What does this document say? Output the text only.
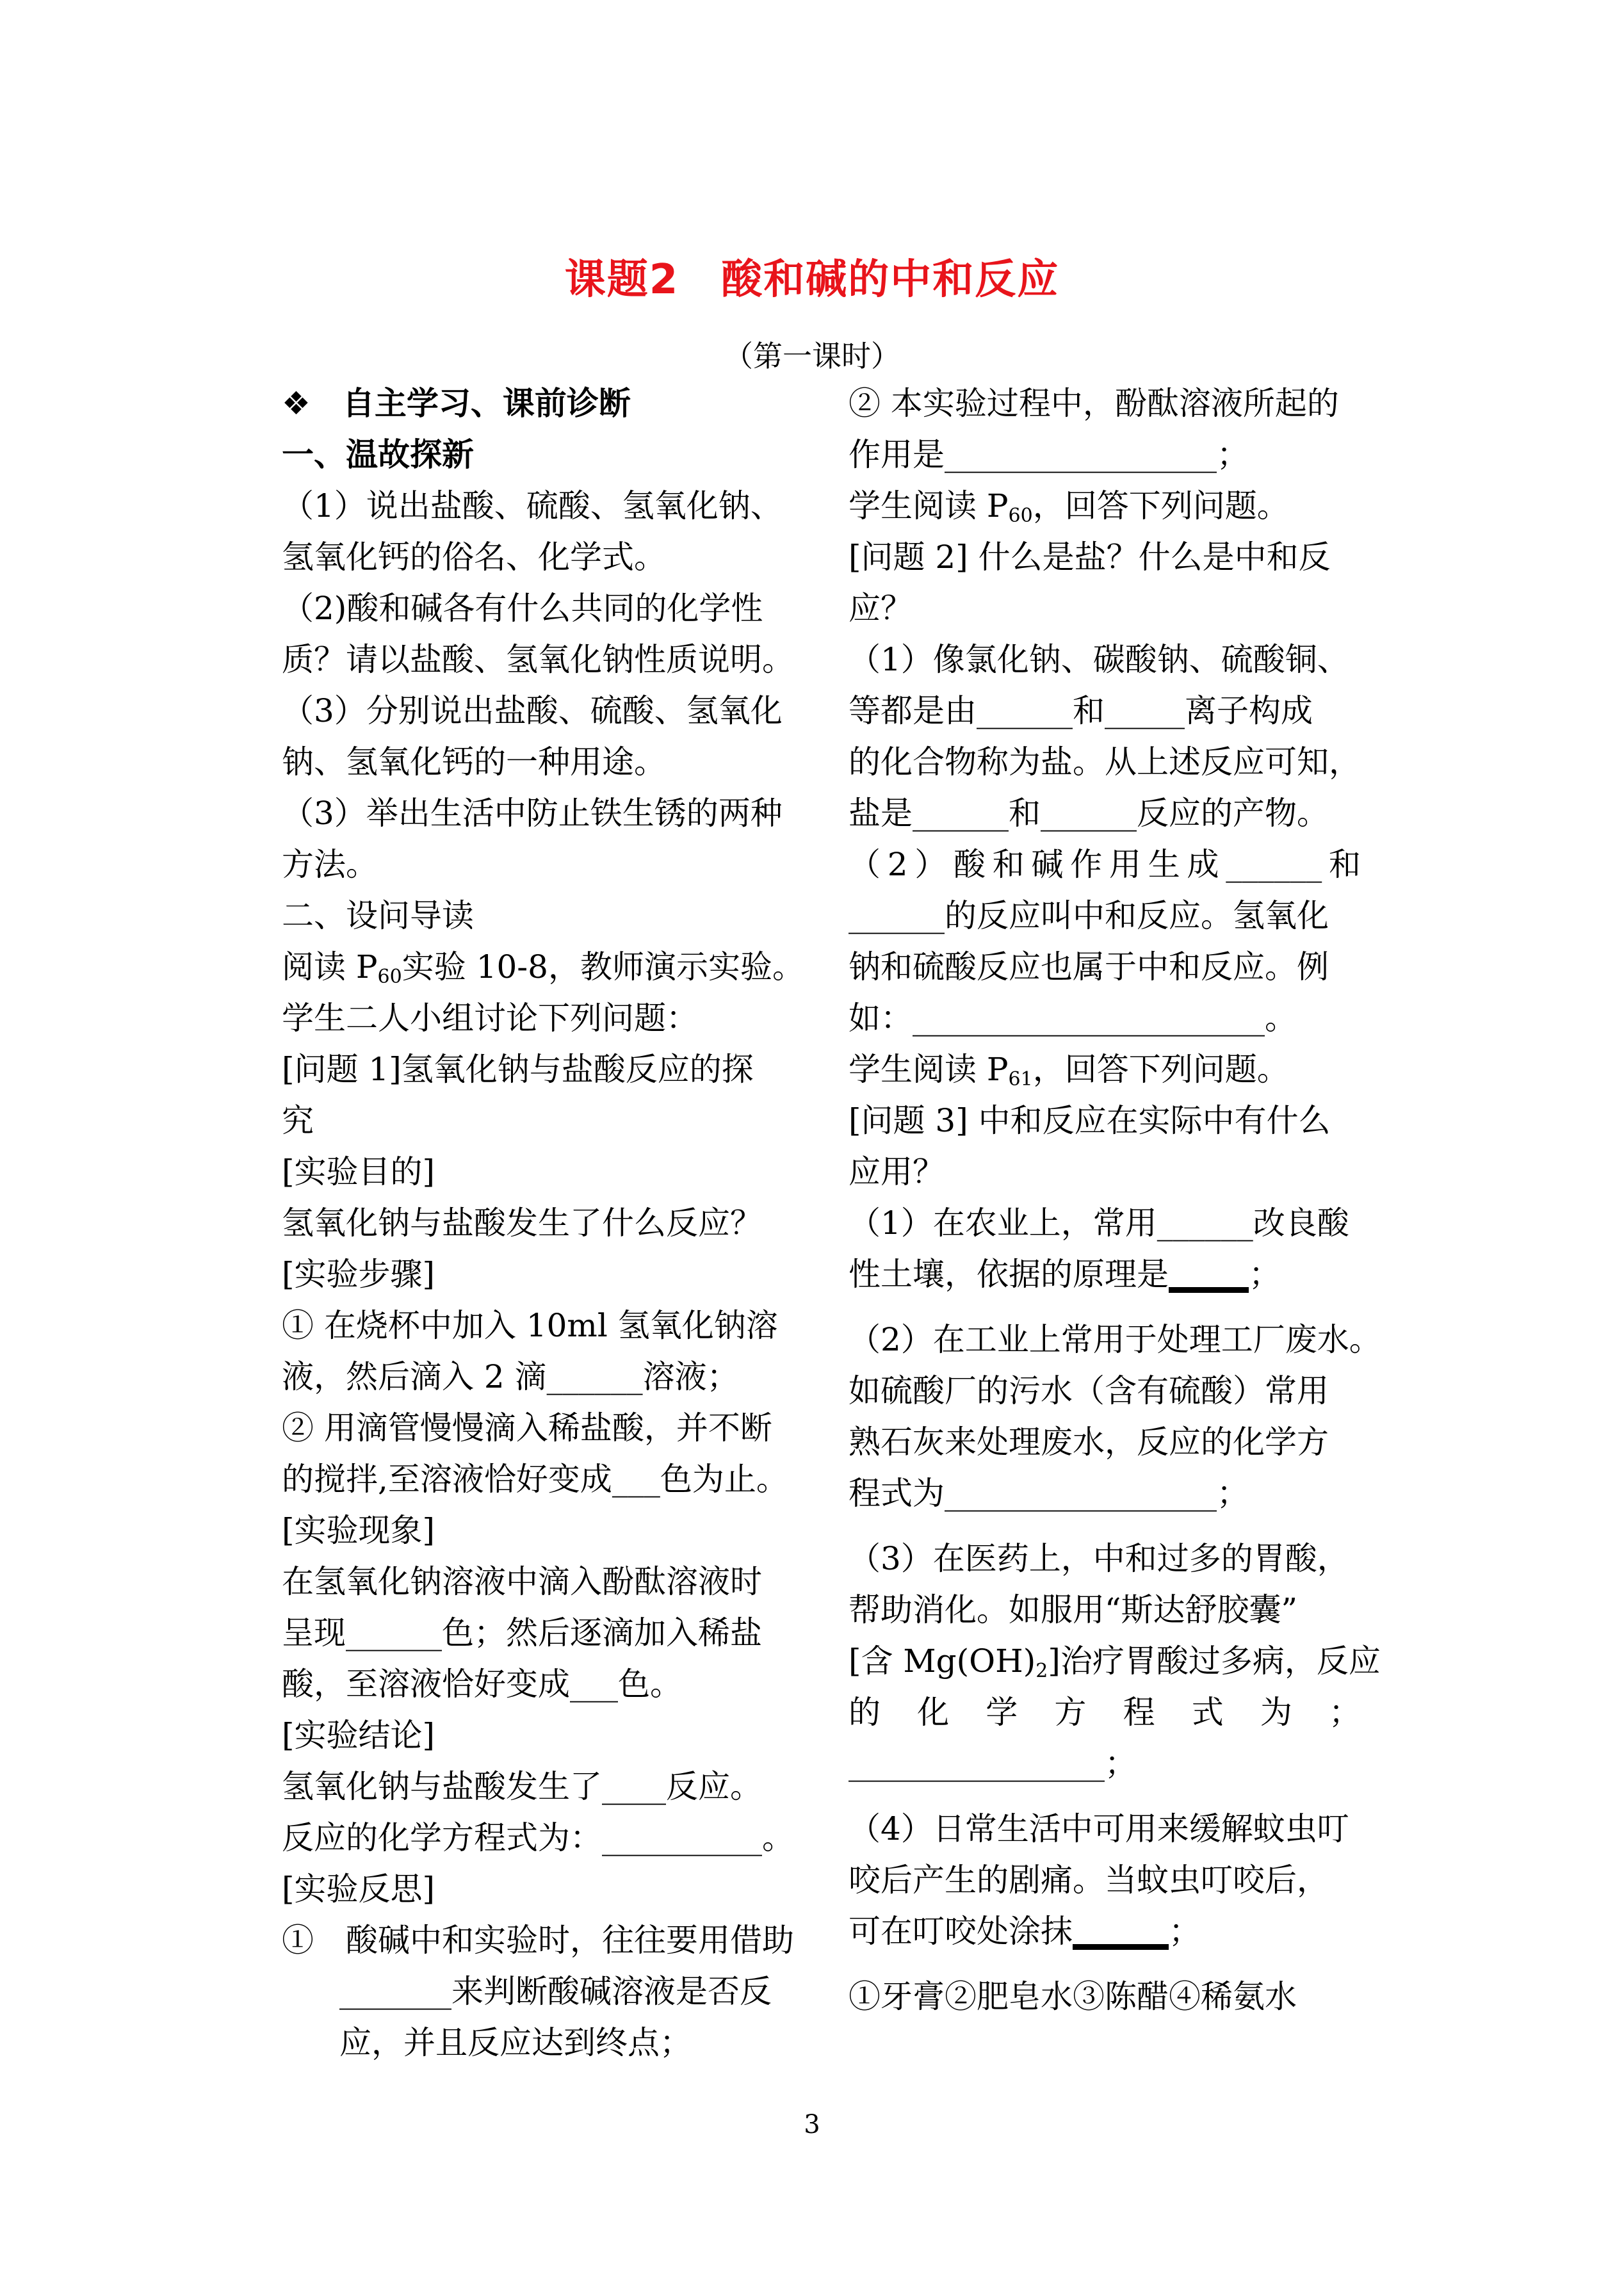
课题2　酸和碱的中和反应
（第一课时）

❖　自主学习、课前诊断

一、温故探新

（1）说出盐酸、硫酸、氢氧化钠、

氢氧化钙的俗名、化学式。

（2)酸和碱各有什么共同的化学性

质？请以盐酸、氢氧化钠性质说明。

（3）分别说出盐酸、硫酸、氢氧化

钠、氢氧化钙的一种用途。

（3）举出生活中防止铁生锈的两种

方法。

二、设问导读

阅读 $P_{60}$实验 10-8，教师演示实验。

学生二人小组讨论下列问题：

[问题 1]氢氧化钠与盐酸反应的探

究

[实验目的]

氢氧化钠与盐酸发生了什么反应？

[实验步骤]

① 在烧杯中加入 10ml 氢氧化钠溶

液，然后滴入 2 滴______溶液；

② 用滴管慢慢滴入稀盐酸，并不断

的搅拌,至溶液恰好变成___色为止。

[实验现象]

在氢氧化钠溶液中滴入酚酞溶液时

呈现______色；然后逐滴加入稀盐

酸，至溶液恰好变成___色。

[实验结论]

氢氧化钠与盐酸发生了____反应。

反应的化学方程式为：__________。

[实验反思]

①　酸碱中和实验时，往往要用借助

_______来判断酸碱溶液是否反

应，并且反应达到终点；

② 本实验过程中，酚酞溶液所起的

作用是_________________；

学生阅读 $P_{60}$，回答下列问题。

[问题 2] 什么是盐？什么是中和反

应？

（1）像氯化钠、碳酸钠、硫酸铜、

等都是由______和_____离子构成

的化合物称为盐。从上述反应可知，

盐是______和______反应的产物。

（2）酸和碱作用生成______和

______的反应叫中和反应。氢氧化

钠和硫酸反应也属于中和反应。例

如：______________________。

学生阅读 $P_{61}$，回答下列问题。

[问题 3] 中和反应在实际中有什么

应用？

（1）在农业上，常用______改良酸

性土壤，依据的原理是_____；

（2）在工业上常用于处理工厂废水。

如硫酸厂的污水（含有硫酸）常用

熟石灰来处理废水，反应的化学方

程式为_________________；

（3）在医药上，中和过多的胃酸，

帮助消化。如服用“斯达舒胶囊”

[含 $Mg(OH)_2$]治疗胃酸过多病，反应

的化学方程式为；

________________；

（4）日常生活中可用来缓解蚊虫叮

咬后产生的剧痛。当蚊虫叮咬后，

可在叮咬处涂抹______；

①牙膏②肥皂水③陈醋④稀氨水

3
